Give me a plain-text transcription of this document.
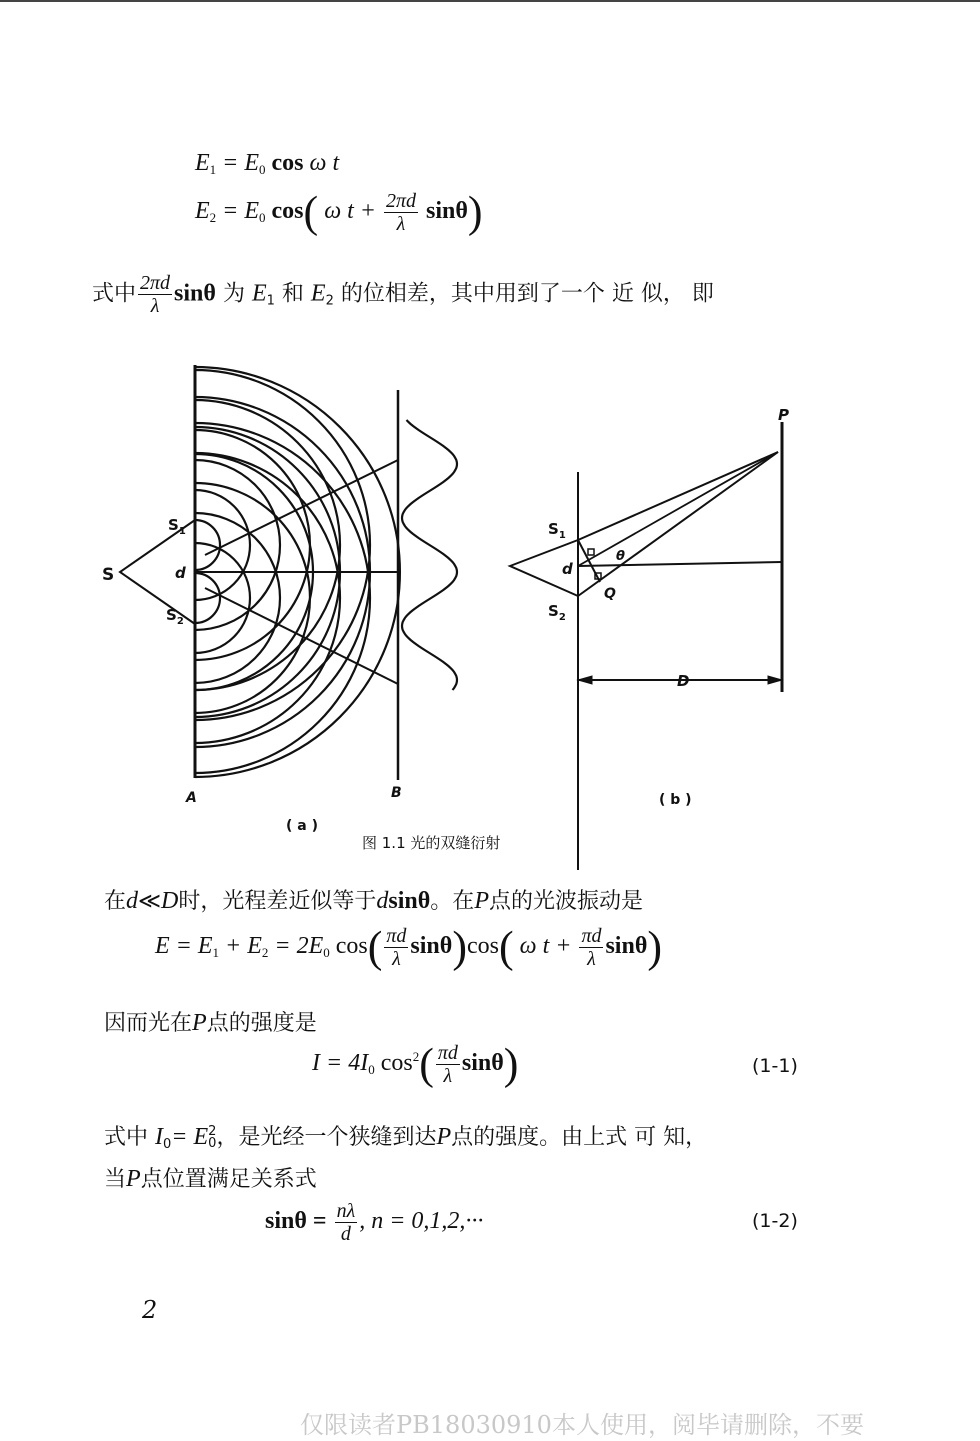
$E_1 = E_0$ cos ω t
$E_2 = E_0$ cos( ω $t + \frac{2\pi d}{\lambda} \sin\theta$)
式中 $\frac{2\pi d}{\lambda}$ sinθ 为 $E_1$ 和 $E_2$ 的位相差，其中用到了一个 近 似， 即
S
$S_1$
d
$S_2$
A	B
( a )
P
$S_1$
d
θ
Q
$S_2$
D
( b )
图 1.1 光的双缝衍射
在d≪D时，光程差近似等于dsinθ。在P点的光波振动是
$E = E_1 + E_2 = 2E_0$ $\cos( \frac{\pi d}{\lambda} \sin\theta)\cos$( ω $t + \frac{\pi d}{\lambda} \sin\theta$)
因而光在P点的强度是
$I = 4I_0$ $\cos^2( \frac{\pi d}{\lambda} \sin\theta)$	(1-1)
式中 $I_0= E$ 2
0 ，是光经一个狭缝到达P点的强度。由上式 可 知，
当P点位置满足关系式
$\sin\theta = \frac{n\lambda}{d}$ , n = 0,1,2,···	(1-2)
2
仅限读者PB18030910本人使用，阅毕请删除，不要
